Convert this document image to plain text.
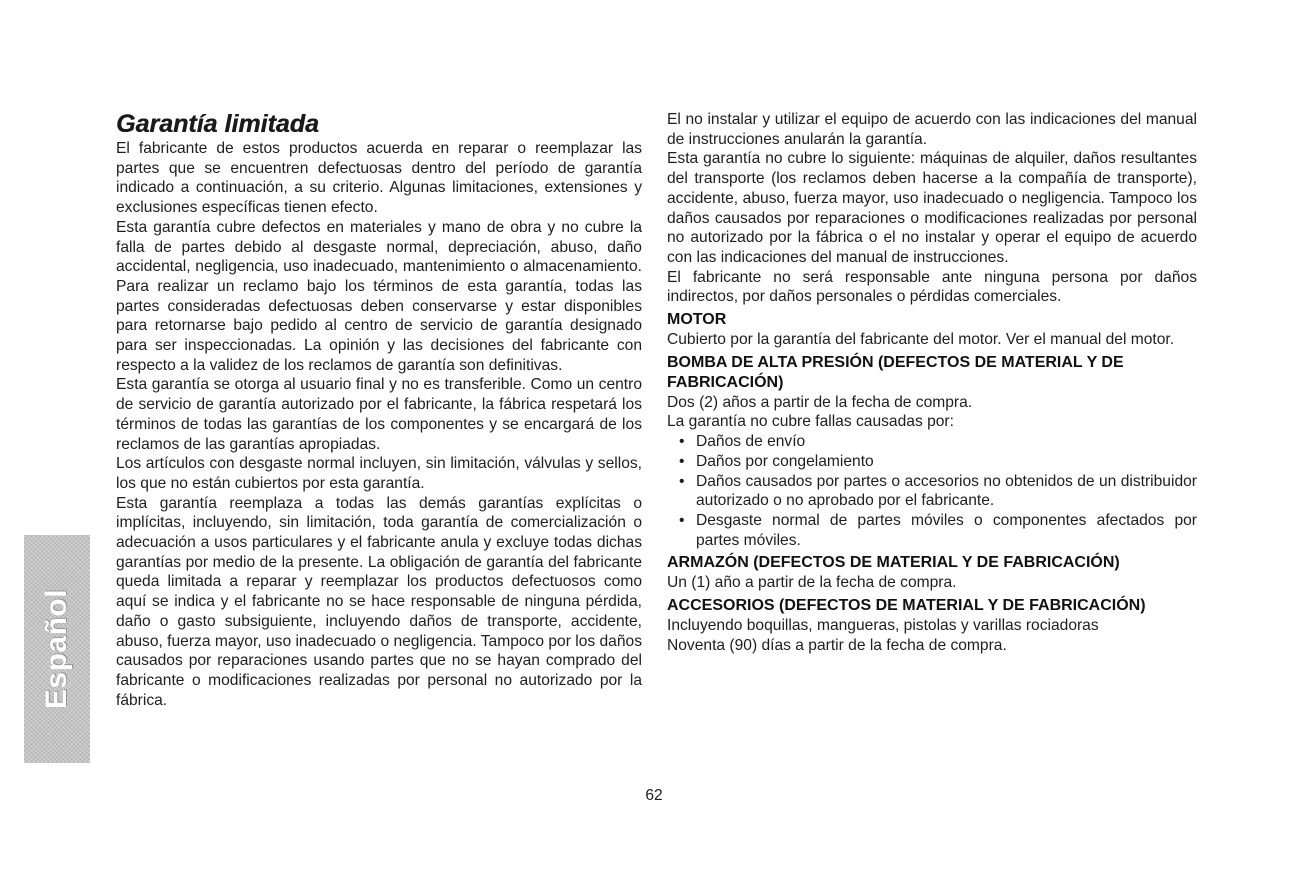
Español
Garantía limitada

El fabricante de estos productos acuerda en reparar o reemplazar las partes que se encuentren defectuosas dentro del período de garantía indicado a continuación, a su criterio. Algunas limitaciones, extensiones y exclusiones específicas tienen efecto.

Esta garantía cubre defectos en materiales y mano de obra y no cubre la falla de partes debido al desgaste normal, depreciación, abuso, daño accidental, negligencia, uso inadecuado, mantenimiento o almacenamiento. Para realizar un reclamo bajo los términos de esta garantía, todas las partes consideradas defectuosas deben conservarse y estar disponibles para retornarse bajo pedido al centro de servicio de garantía designado para ser inspeccionadas. La opinión y las decisiones del fabricante con respecto a la validez de los reclamos de garantía son definitivas.

Esta garantía se otorga al usuario final y no es transferible. Como un centro de servicio de garantía autorizado por el fabricante, la fábrica respetará los términos de todas las garantías de los componentes y se encargará de los reclamos de las garantías apropiadas.

Los artículos con desgaste normal incluyen, sin limitación, válvulas y sellos, los que no están cubiertos por esta garantía.

Esta garantía reemplaza a todas las demás garantías explícitas o implícitas, incluyendo, sin limitación, toda garantía de comercialización o adecuación a usos particulares y el fabricante anula y excluye todas dichas garantías por medio de la presente. La obligación de garantía del fabricante queda limitada a reparar y reemplazar los productos defectuosos como aquí se indica y el fabricante no se hace responsable de ninguna pérdida, daño o gasto subsiguiente, incluyendo daños de transporte, accidente, abuso, fuerza mayor, uso inadecuado o negligencia. Tampoco por los daños causados por reparaciones usando partes que no se hayan comprado del fabricante o modificaciones realizadas por personal no autorizado por la fábrica.

El no instalar y utilizar el equipo de acuerdo con las indicaciones del manual de instrucciones anularán la garantía.

Esta garantía no cubre lo siguiente: máquinas de alquiler, daños resultantes del transporte (los reclamos deben hacerse a la compañía de transporte), accidente, abuso, fuerza mayor, uso inadecuado o negligencia. Tampoco los daños causados por reparaciones o modificaciones realizadas por personal no autorizado por la fábrica o el no instalar y operar el equipo de acuerdo con las indicaciones del manual de instrucciones.

El fabricante no será responsable ante ninguna persona por daños indirectos, por daños personales o pérdidas comerciales.

MOTOR

Cubierto por la garantía del fabricante del motor. Ver el manual del motor.

BOMBA DE ALTA PRESIÓN (DEFECTOS DE MATERIAL Y DE FABRICACIÓN)

Dos (2) años a partir de la fecha de compra.

La garantía no cubre fallas causadas por:

• Daños de envío
• Daños por congelamiento
• Daños causados por partes o accesorios no obtenidos de un distribuidor autorizado o no aprobado por el fabricante.
• Desgaste normal de partes móviles o componentes afectados por partes móviles.
ARMAZÓN (DEFECTOS DE MATERIAL Y DE FABRICACIÓN)

Un (1) año a partir de la fecha de compra.

ACCESORIOS (DEFECTOS DE MATERIAL Y DE FABRICACIÓN)

Incluyendo boquillas, mangueras, pistolas y varillas rociadoras

Noventa (90) días a partir de la fecha de compra.

62
